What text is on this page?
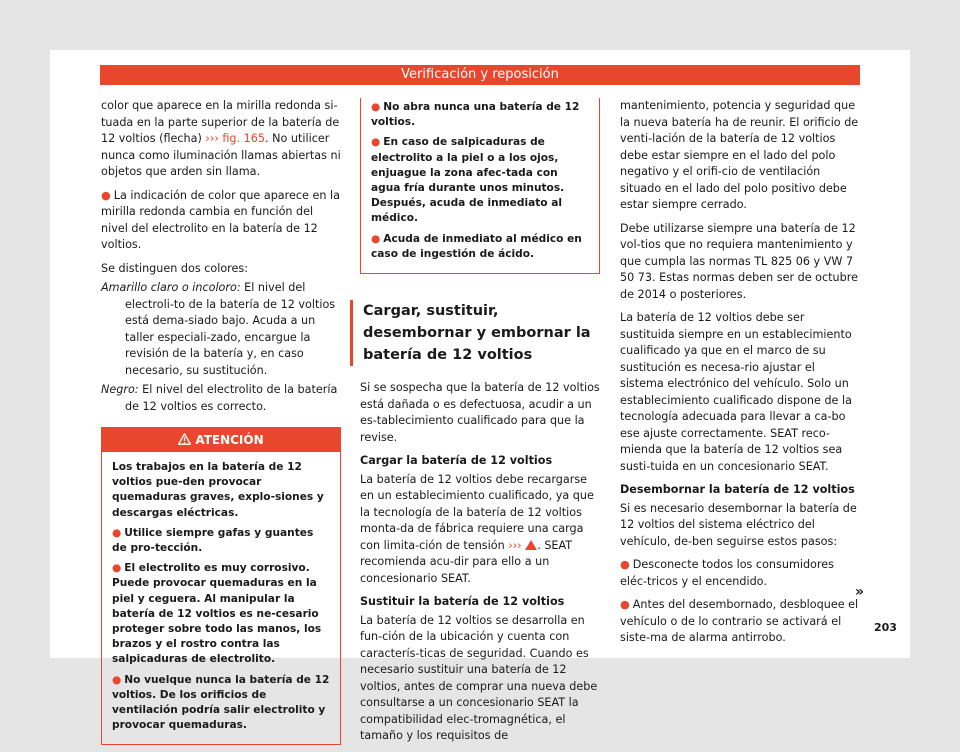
Verificación y reposición

color que aparece en la mirilla redonda si-tuada en la parte superior de la batería de 12 voltios (flecha) ››› fig. 165. No utilicer nunca como iluminación llamas abiertas ni objetos que arden sin llama.

● La indicación de color que aparece en la mirilla redonda cambia en función del nivel del electrolito en la batería de 12 voltios.

Se distinguen dos colores:

Amarillo claro o incoloro: El nivel del electroli-to de la batería de 12 voltios está dema-siado bajo. Acuda a un taller especiali-zado, encargue la revisión de la batería y, en caso necesario, su sustitución.

Negro: El nivel del electrolito de la batería de 12 voltios es correcto.

ATENCIÓN

Los trabajos en la batería de 12 voltios pue-den provocar quemaduras graves, explo-siones y descargas eléctricas.

● Utilice siempre gafas y guantes de pro-tección.

● El electrolito es muy corrosivo. Puede provocar quemaduras en la piel y ceguera. Al manipular la batería de 12 voltios es ne-cesario proteger sobre todo las manos, los brazos y el rostro contra las salpicaduras de electrolito.

● No vuelque nunca la batería de 12 voltios. De los orificios de ventilación podría salir electrolito y provocar quemaduras.

● No abra nunca una batería de 12 voltios.

● En caso de salpicaduras de electrolito a la piel o a los ojos, enjuague la zona afec-tada con agua fría durante unos minutos. Después, acuda de inmediato al médico.

● Acuda de inmediato al médico en caso de ingestión de ácido.

Cargar, sustituir, desembornar y embornar la batería de 12 voltios

Si se sospecha que la batería de 12 voltios está dañada o es defectuosa, acudir a un es-tablecimiento cualificado para que la revise.

Cargar la batería de 12 voltios

La batería de 12 voltios debe recargarse en un establecimiento cualificado, ya que la tecnología de la batería de 12 voltios monta-da de fábrica requiere una carga con limita-ción de tensión ››› . SEAT recomienda acu-dir para ello a un concesionario SEAT.

Sustituir la batería de 12 voltios

La batería de 12 voltios se desarrolla en fun-ción de la ubicación y cuenta con caracterís-ticas de seguridad. Cuando es necesario sustituir una batería de 12 voltios, antes de comprar una nueva debe consultarse a un concesionario SEAT la compatibilidad elec-tromagnética, el tamaño y los requisitos de

mantenimiento, potencia y seguridad que la nueva batería ha de reunir. El orificio de venti-lación de la batería de 12 voltios debe estar siempre en el lado del polo negativo y el orifi-cio de ventilación situado en el lado del polo positivo debe estar siempre cerrado.

Debe utilizarse siempre una batería de 12 vol-tios que no requiera mantenimiento y que cumpla las normas TL 825 06 y VW 7 50 73. Estas normas deben ser de octubre de 2014 o posteriores.

La batería de 12 voltios debe ser sustituida siempre en un establecimiento cualificado ya que en el marco de su sustitución es necesa-rio ajustar el sistema electrónico del vehículo. Solo un establecimiento cualificado dispone de la tecnología adecuada para llevar a ca-bo ese ajuste correctamente. SEAT reco-mienda que la batería de 12 voltios sea susti-tuida en un concesionario SEAT.

Desembornar la batería de 12 voltios

Si es necesario desembornar la batería de 12 voltios del sistema eléctrico del vehículo, de-ben seguirse estos pasos:

● Desconecte todos los consumidores eléc-tricos y el encendido.

● Antes del desembornado, desbloquee el vehículo o de lo contrario se activará el siste-ma de alarma antirrobo.

»
203
